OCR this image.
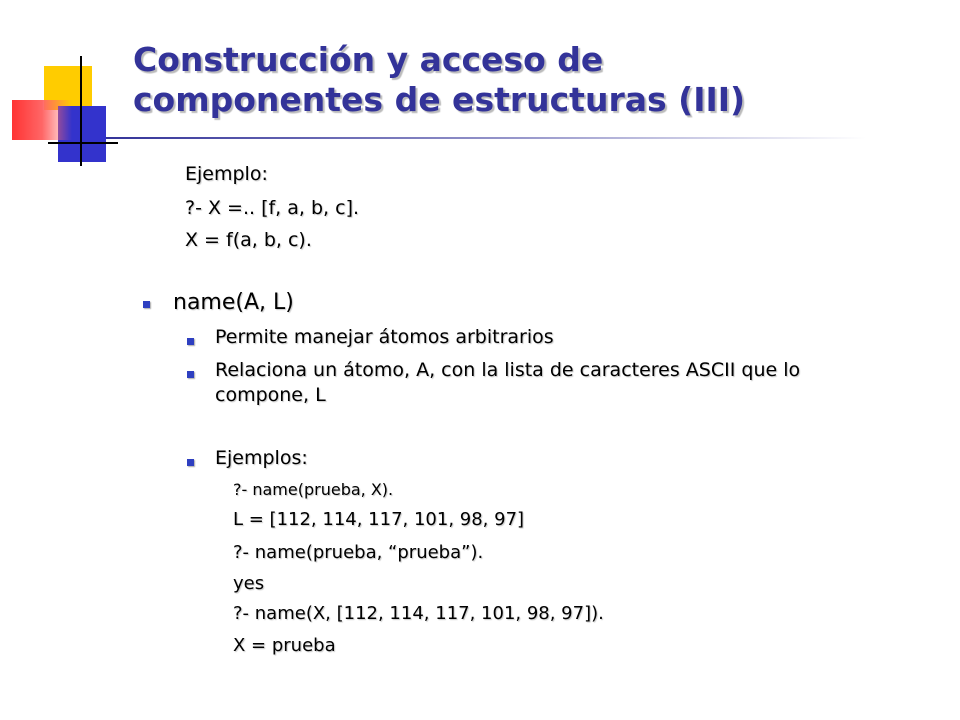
Construcción y acceso de
componentes de estructuras (III)
Ejemplo:
?- X =.. [f, a, b, c].
X = f(a, b, c).
name(A, L)
Permite manejar átomos arbitrarios
Relaciona un átomo, A, con la lista de caracteres ASCII que lo
compone, L
Ejemplos:
?- name(prueba, X).
L = [112, 114, 117, 101, 98, 97]
?- name(prueba, “prueba”).
yes
?- name(X, [112, 114, 117, 101, 98, 97]).
X = prueba
